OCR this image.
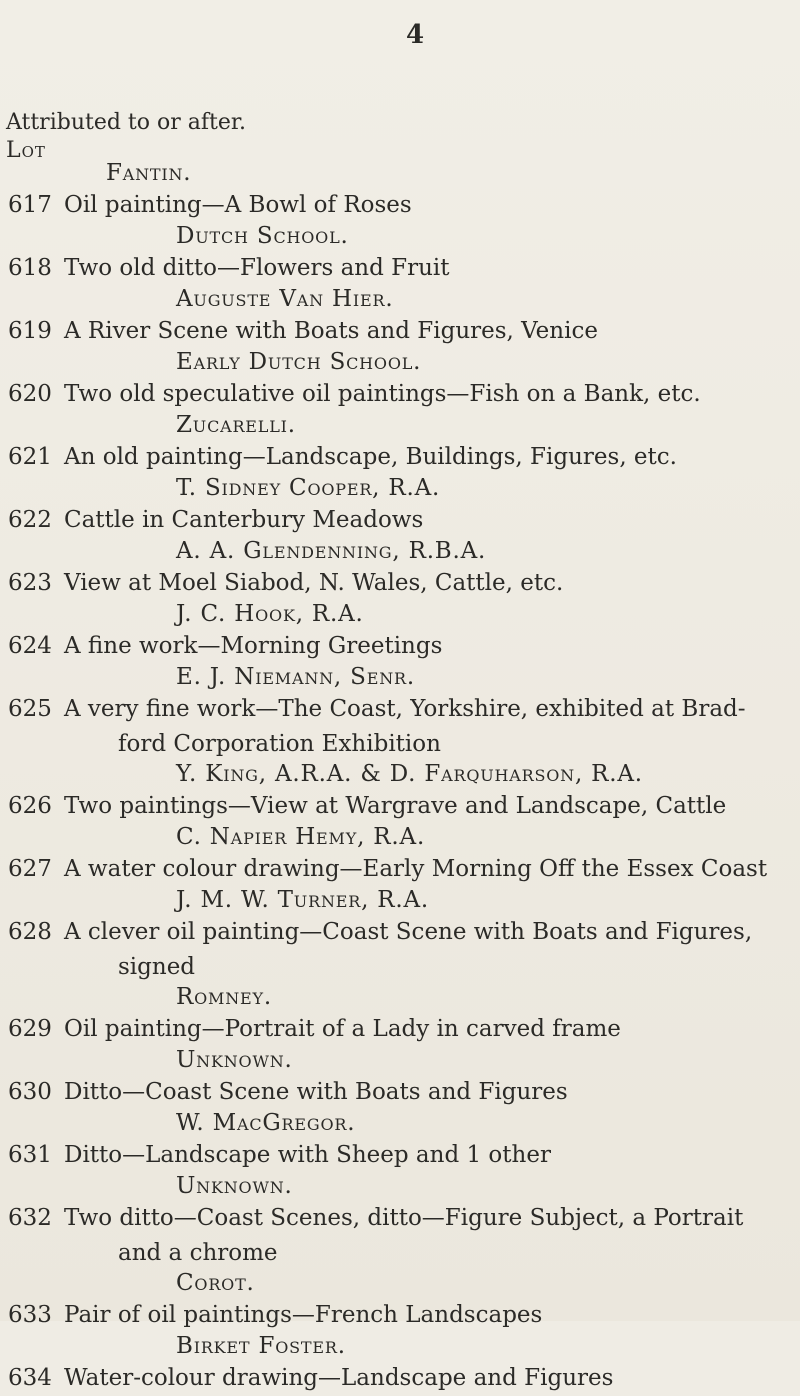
4
Attributed to or after.
Lot
Fantin.
617 Oil painting—A Bowl of Roses
Dutch School.
618 Two old ditto—Flowers and Fruit
Auguste Van Hier.
619 A River Scene with Boats and Figures, Venice
Early Dutch School.
620 Two old speculative oil paintings—Fish on a Bank, etc.
Zucarelli.
621 An old painting—Landscape, Buildings, Figures, etc.
T. Sidney Cooper, R.A.
622 Cattle in Canterbury Meadows
A. A. Glendenning, R.B.A.
623 View at Moel Siabod, N. Wales, Cattle, etc.
J. C. Hook, R.A.
624 A fine work—Morning Greetings
E. J. Niemann, Senr.
625 A very fine work—The Coast, Yorkshire, exhibited at Brad-
ford Corporation Exhibition
Y. King, A.R.A. & D. Farquharson, R.A.
626 Two paintings—View at Wargrave and Landscape, Cattle
C. Napier Hemy, R.A.
627 A water colour drawing—Early Morning Off the Essex Coast
J. M. W. Turner, R.A.
628 A clever oil painting—Coast Scene with Boats and Figures,
signed
Romney.
629 Oil painting—Portrait of a Lady in carved frame
Unknown.
630 Ditto—Coast Scene with Boats and Figures
W. MacGregor.
631 Ditto—Landscape with Sheep and 1 other
Unknown.
632 Two ditto—Coast Scenes, ditto—Figure Subject, a Portrait
and a chrome
Corot.
633 Pair of oil paintings—French Landscapes
Birket Foster.
634 Water-colour drawing—Landscape and Figures
